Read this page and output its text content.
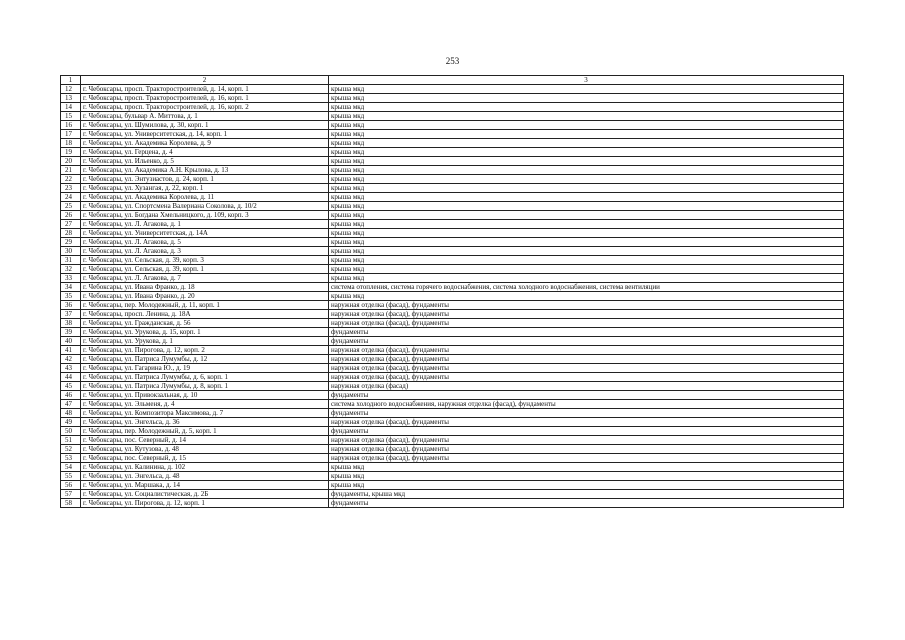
253
1	2	3
12	г. Чебоксары, просп. Тракторостроителей, д. 14, корп. 1	крыша мкд
13	г. Чебоксары, просп. Тракторостроителей, д. 16, корп. 1	крыша мкд
14	г. Чебоксары, просп. Тракторостроителей, д. 16, корп. 2	крыша мкд
15	г. Чебоксары, бульвар А. Миттова, д. 1	крыша мкд
16	г. Чебоксары, ул. Шумилова, д. 30, корп. 1	крыша мкд
17	г. Чебоксары, ул. Университетская, д. 14, корп. 1	крыша мкд
18	г. Чебоксары, ул. Академика Королева, д. 9	крыша мкд
19	г. Чебоксары, ул. Герцена, д. 4	крыша мкд
20	г. Чебоксары, ул. Ильенко, д. 5	крыша мкд
21	г. Чебоксары, ул. Академика А.Н. Крылова, д. 13	крыша мкд
22	г. Чебоксары, ул. Энтузиастов, д. 24, корп. 1	крыша мкд
23	г. Чебоксары, ул. Хузангая, д. 22, корп. 1	крыша мкд
24	г. Чебоксары, ул. Академика Королева, д. 11	крыша мкд
25	г. Чебоксары, ул. Спортсмена Валериана Соколова, д. 10/2	крыша мкд
26	г. Чебоксары, ул. Богдана Хмельницкого, д. 109, корп. 3	крыша мкд
27	г. Чебоксары, ул. Л. Агакова, д. 1	крыша мкд
28	г. Чебоксары, ул. Университетская, д. 14А	крыша мкд
29	г. Чебоксары, ул. Л. Агакова, д. 5	крыша мкд
30	г. Чебоксары, ул. Л. Агакова, д. 3	крыша мкд
31	г. Чебоксары, ул. Сельская, д. 39, корп. 3	крыша мкд
32	г. Чебоксары, ул. Сельская, д. 39, корп. 1	крыша мкд
33	г. Чебоксары, ул. Л. Агакова, д. 7	крыша мкд
34	г. Чебоксары, ул. Ивана Франко, д. 18	система отопления, система горячего водоснабжения, система холодного водоснабжения, система вентиляции
35	г. Чебоксары, ул. Ивана Франко, д. 20	крыша мкд
36	г. Чебоксары, пер. Молодежный, д. 11, корп. 1	наружная отделка (фасад), фундаменты
37	г. Чебоксары, просп. Ленина, д. 18А	наружная отделка (фасад), фундаменты
38	г. Чебоксары, ул. Гражданская, д. 56	наружная отделка (фасад), фундаменты
39	г. Чебоксары, ул. Урукова, д. 15, корп. 1	фундаменты
40	г. Чебоксары, ул. Урукова, д. 1	фундаменты
41	г. Чебоксары, ул. Пирогова, д. 12, корп. 2	наружная отделка (фасад), фундаменты
42	г. Чебоксары, ул. Патриса Лумумбы, д. 12	наружная отделка (фасад), фундаменты
43	г. Чебоксары, ул. Гагарина Ю., д. 19	наружная отделка (фасад), фундаменты
44	г. Чебоксары, ул. Патриса Лумумбы, д. 6, корп. 1	наружная отделка (фасад), фундаменты
45	г. Чебоксары, ул. Патриса Лумумбы, д. 8, корп. 1	наружная отделка (фасад)
46	г. Чебоксары, ул. Привокзальная, д. 10	фундаменты
47	г. Чебоксары, ул. Эльменя, д. 4	система холодного водоснабжения, наружная отделка (фасад), фундаменты
48	г. Чебоксары, ул. Композитора Максимова, д. 7	фундаменты
49	г. Чебоксары, ул. Энгельса, д. 36	наружная отделка (фасад), фундаменты
50	г. Чебоксары, пер. Молодежный, д. 5, корп. 1	фундаменты
51	г. Чебоксары, пос. Северный, д. 14	наружная отделка (фасад), фундаменты
52	г. Чебоксары, ул. Кутузова, д. 48	наружная отделка (фасад), фундаменты
53	г. Чебоксары, пос. Северный, д. 15	наружная отделка (фасад), фундаменты
54	г. Чебоксары, ул. Калинина, д. 102	крыша мкд
55	г. Чебоксары, ул. Энгельса, д. 48	крыша мкд
56	г. Чебоксары, ул. Маршака, д. 14	крыша мкд
57	г. Чебоксары, ул. Социалистическая, д. 2Б	фундаменты, крыша мкд
58	г. Чебоксары, ул. Пирогова, д. 12, корп. 1	фундаменты
